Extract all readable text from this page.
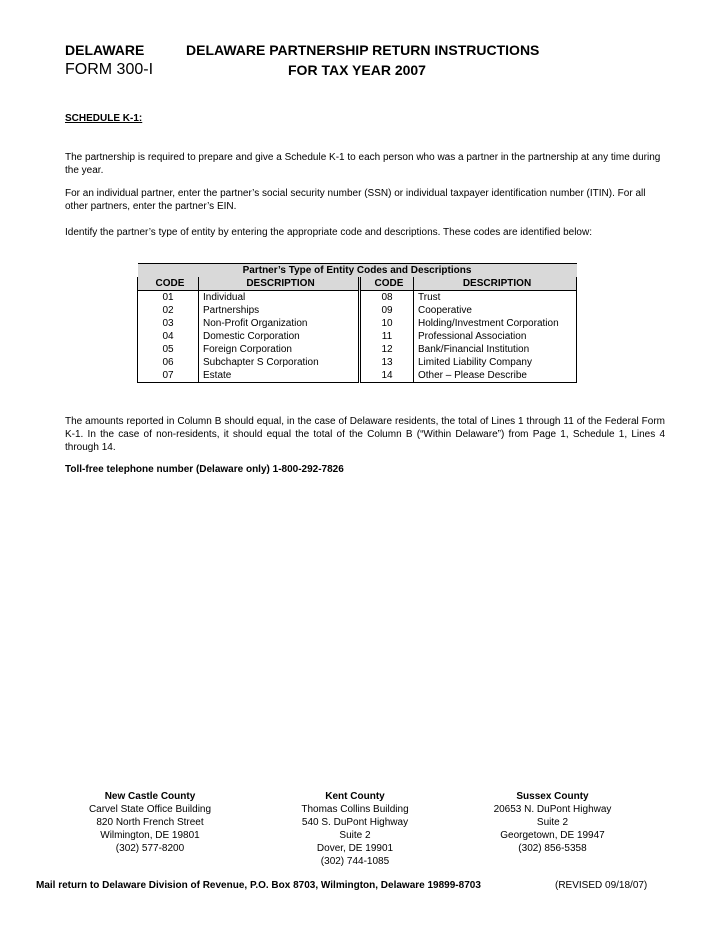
DELAWARE
FORM 300-I
DELAWARE PARTNERSHIP RETURN INSTRUCTIONS
FOR TAX YEAR 2007
SCHEDULE K-1:
The partnership is required to prepare and give a Schedule K-1 to each person who was a partner in the partnership at any time during the year.
For an individual partner, enter the partner’s social security number (SSN) or individual taxpayer identification number (ITIN). For all other partners, enter the partner’s EIN.
Identify the partner’s type of entity by entering the appropriate code and descriptions. These codes are identified below:
Partner’s Type of Entity Codes and Descriptions			
CODE	DESCRIPTION	CODE	DESCRIPTION
01	Individual	08	Trust
02	Partnerships	09	Cooperative
03	Non-Profit Organization	10	Holding/Investment Corporation
04	Domestic Corporation	11	Professional Association
05	Foreign Corporation	12	Bank/Financial Institution
06	Subchapter S Corporation	13	Limited Liability Company
07	Estate	14	Other – Please Describe
The amounts reported in Column B should equal, in the case of Delaware residents, the total of Lines 1 through 11 of the Federal Form K-1. In the case of non-residents, it should equal the total of the Column B (“Within Delaware”) from Page 1, Schedule 1, Lines 4 through 14.
Toll-free telephone number (Delaware only) 1-800-292-7826
New Castle County
Carvel State Office Building
820 North French Street
Wilmington, DE 19801
(302) 577-8200
Kent County
Thomas Collins Building
540 S. DuPont Highway
Suite 2
Dover, DE 19901
(302) 744-1085
Sussex County
20653 N. DuPont Highway
Suite 2
Georgetown, DE 19947
(302) 856-5358
Mail return to Delaware Division of Revenue, P.O. Box 8703, Wilmington, Delaware 19899-8703	(REVISED 09/18/07)
